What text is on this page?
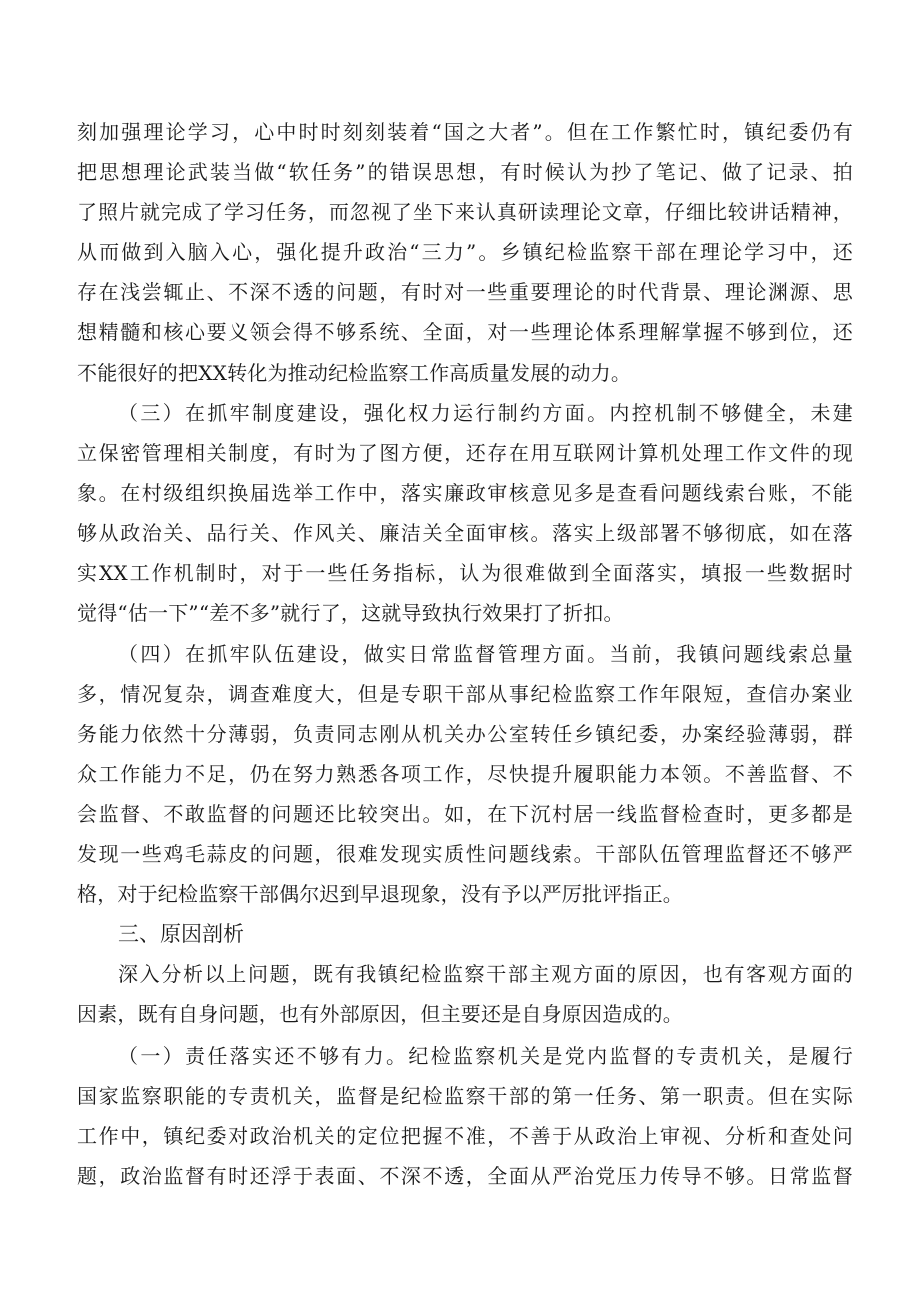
刻加强理论学习，心中时时刻刻装着“国之大者”。但在工作繁忙时，镇纪委仍有
把思想理论武装当做“软任务”的错误思想，有时候认为抄了笔记、做了记录、拍
了照片就完成了学习任务，而忽视了坐下来认真研读理论文章，仔细比较讲话精神，
从而做到入脑入心，强化提升政治“三力”。乡镇纪检监察干部在理论学习中，还
存在浅尝辄止、不深不透的问题，有时对一些重要理论的时代背景、理论渊源、思
想精髓和核心要义领会得不够系统、全面，对一些理论体系理解掌握不够到位，还
不能很好的把XX转化为推动纪检监察工作高质量发展的动力。
（三）在抓牢制度建设，强化权力运行制约方面。内控机制不够健全，未建
立保密管理相关制度，有时为了图方便，还存在用互联网计算机处理工作文件的现
象。在村级组织换届选举工作中，落实廉政审核意见多是查看问题线索台账，不能
够从政治关、品行关、作风关、廉洁关全面审核。落实上级部署不够彻底，如在落
实XX工作机制时，对于一些任务指标，认为很难做到全面落实，填报一些数据时
觉得“估一下”“差不多”就行了，这就导致执行效果打了折扣。
（四）在抓牢队伍建设，做实日常监督管理方面。当前，我镇问题线索总量
多，情况复杂，调查难度大，但是专职干部从事纪检监察工作年限短，查信办案业
务能力依然十分薄弱，负责同志刚从机关办公室转任乡镇纪委，办案经验薄弱，群
众工作能力不足，仍在努力熟悉各项工作，尽快提升履职能力本领。不善监督、不
会监督、不敢监督的问题还比较突出。如，在下沉村居一线监督检查时，更多都是
发现一些鸡毛蒜皮的问题，很难发现实质性问题线索。干部队伍管理监督还不够严
格，对于纪检监察干部偶尔迟到早退现象，没有予以严厉批评指正。
三、原因剖析
深入分析以上问题，既有我镇纪检监察干部主观方面的原因，也有客观方面的
因素，既有自身问题，也有外部原因，但主要还是自身原因造成的。
（一）责任落实还不够有力。纪检监察机关是党内监督的专责机关，是履行
国家监察职能的专责机关，监督是纪检监察干部的第一任务、第一职责。但在实际
工作中，镇纪委对政治机关的定位把握不准，不善于从政治上审视、分析和查处问
题，政治监督有时还浮于表面、不深不透，全面从严治党压力传导不够。日常监督
